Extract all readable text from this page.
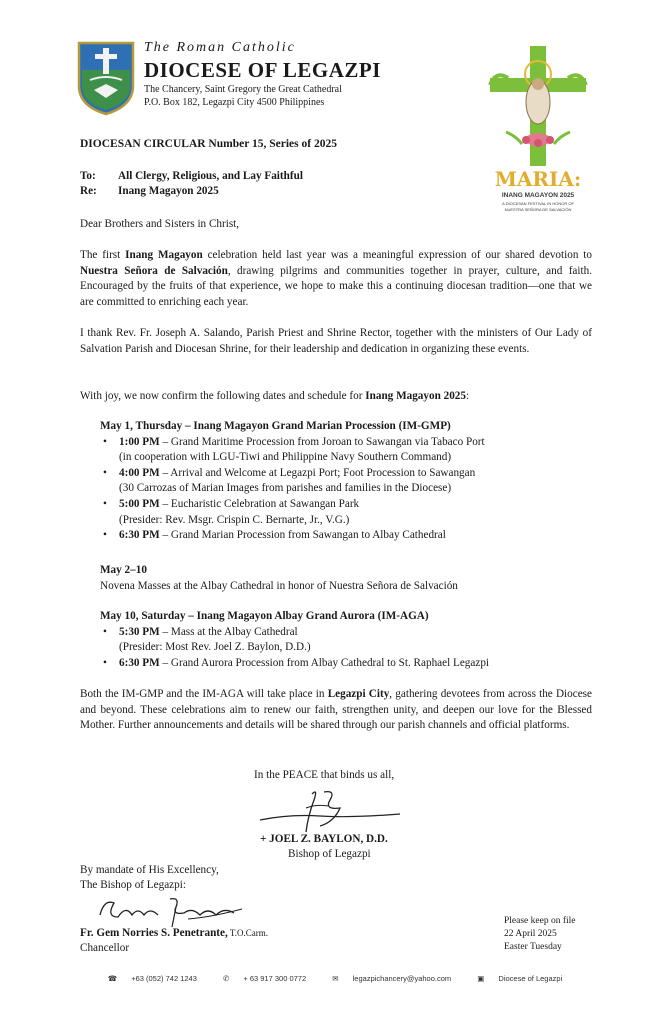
The Roman Catholic
DIOCESE OF LEGAZPI
The Chancery, Saint Gregory the Great Cathedral
P.O. Box 182, Legazpi City 4500 Philippines
MARIA:
INANG MAGAYON 2025
A DIOCESAN FESTIVAL IN HONOR OF
NUESTRA SEÑORA DE SALVACIÓN
DIOCESAN CIRCULAR Number 15, Series of 2025
To:	All Clergy, Religious, and Lay Faithful
Re:	Inang Magayon 2025
Dear Brothers and Sisters in Christ,
The first Inang Magayon celebration held last year was a meaningful expression of our shared devotion to Nuestra Señora de Salvación, drawing pilgrims and communities together in prayer, culture, and faith. Encouraged by the fruits of that experience, we hope to make this a continuing diocesan tradition—one that we are committed to enriching each year.
I thank Rev. Fr. Joseph A. Salando, Parish Priest and Shrine Rector, together with the ministers of Our Lady of Salvation Parish and Diocesan Shrine, for their leadership and dedication in organizing these events.
With joy, we now confirm the following dates and schedule for Inang Magayon 2025:
May 1, Thursday – Inang Magayon Grand Marian Procession (IM-GMP)
• 1:00 PM – Grand Maritime Procession from Joroan to Sawangan via Tabaco Port
(in cooperation with LGU-Tiwi and Philippine Navy Southern Command)
• 4:00 PM – Arrival and Welcome at Legazpi Port; Foot Procession to Sawangan
(30 Carrozas of Marian Images from parishes and families in the Diocese)
• 5:00 PM – Eucharistic Celebration at Sawangan Park
(Presider: Rev. Msgr. Crispin C. Bernarte, Jr., V.G.)
• 6:30 PM – Grand Marian Procession from Sawangan to Albay Cathedral
May 2–10
Novena Masses at the Albay Cathedral in honor of Nuestra Señora de Salvación
May 10, Saturday – Inang Magayon Albay Grand Aurora (IM-AGA)
• 5:30 PM – Mass at the Albay Cathedral
(Presider: Most Rev. Joel Z. Baylon, D.D.)
• 6:30 PM – Grand Aurora Procession from Albay Cathedral to St. Raphael Legazpi
Both the IM-GMP and the IM-AGA will take place in Legazpi City, gathering devotees from across the Diocese and beyond. These celebrations aim to renew our faith, strengthen unity, and deepen our love for the Blessed Mother. Further announcements and details will be shared through our parish channels and official platforms.
In the PEACE that binds us all,
+ JOEL Z. BAYLON, D.D.
Bishop of Legazpi
By mandate of His Excellency,
The Bishop of Legazpi:
Fr. Gem Norries S. Penetrante, T.O.Carm.
Chancellor
Please keep on file
22 April 2025
Easter Tuesday
☎ +63 (052) 742 1243	✆ + 63 917 300 0772	✉ legazpichancery@yahoo.com	▣ Diocese of Legazpi
